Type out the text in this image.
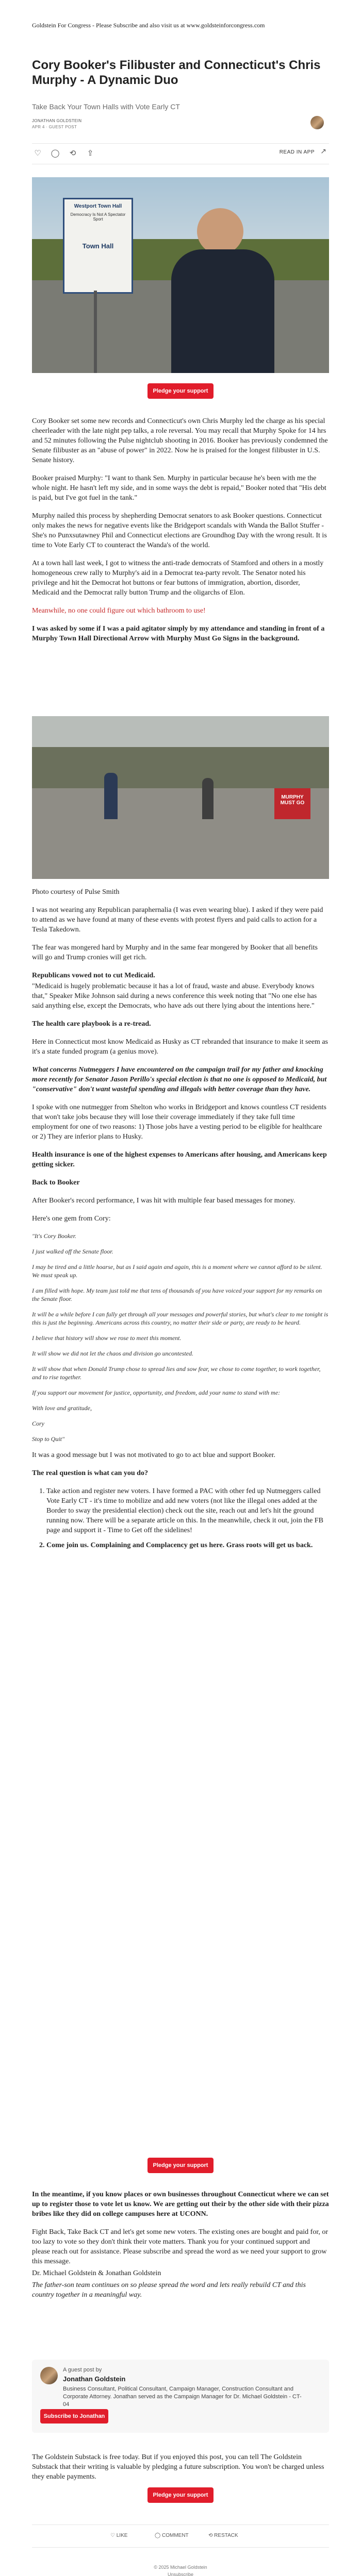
Goldstein For Congress - Please Subscribe and also visit us at www.goldsteinforcongress.com
Cory Booker's Filibuster and Connecticut's Chris Murphy - A Dynamic Duo
Take Back Your Town Halls with Vote Early CT
JONATHAN GOLDSTEIN
APR 4 · GUEST POST
♡ ◯	⟲	⇪	READ IN APP ↗
Westport Town Hall
Democracy Is Not A Spectator Sport
Town Hall
Pledge your support

Cory Booker set some new records and Connecticut's own Chris Murphy led the charge as his special cheerleader with the late night pep talks, a role reversal. You may recall that Murphy Spoke for 14 hrs and 52 minutes following the Pulse nightclub shooting in 2016. Booker has previously condemned the Senate filibuster as an "abuse of power" in 2022. Now he is praised for the longest filibuster in U.S. Senate history.

Booker praised Murphy: "I want to thank Sen. Murphy in particular because he's been with me the whole night. He hasn't left my side, and in some ways the debt is repaid," Booker noted that "His debt is paid, but I've got fuel in the tank."

Murphy nailed this process by shepherding Democrat senators to ask Booker questions. Connecticut only makes the news for negative events like the Bridgeport scandals with Wanda the Ballot Stuffer - She's no Punxsutawney Phil and Connecticut elections are Groundhog Day with the wrong result. It is time to Vote Early CT to counteract the Wanda's of the world.

At a town hall last week, I got to witness the anti-trade democrats of Stamford and others in a mostly homogeneous crew rally to Murphy's aid in a Democrat tea-party revolt. The Senator noted his privilege and hit the Democrat hot buttons or fear buttons of immigration, abortion, disorder, Medicaid and the Democrat rally button Trump and the oligarchs of Elon.

Meanwhile, no one could figure out which bathroom to use!

I was asked by some if I was a paid agitator simply by my attendance and standing in front of a Murphy Town Hall Directional Arrow with Murphy Must Go Signs in the background.

MURPHY
MUST GO

Photo courtesy of Pulse Smith

I was not wearing any Republican paraphernalia (I was even wearing blue). I asked if they were paid to attend as we have found at many of these events with protest flyers and paid calls to action for a Tesla Takedown.

The fear was mongered hard by Murphy and in the same fear mongered by Booker that all benefits will go and Trump cronies will get rich.

Republicans vowed not to cut Medicaid.

"Medicaid is hugely problematic because it has a lot of fraud, waste and abuse. Everybody knows that," Speaker Mike Johnson said during a news conference this week noting that "No one else has said anything else, except the Democrats, who have ads out there lying about the intentions here."

The health care playbook is a re-tread.

Here in Connecticut most know Medicaid as Husky as CT rebranded that insurance to make it seem as it's a state funded program (a genius move).

What concerns Nutmeggers I have encountered on the campaign trail for my father and knocking more recently for Senator Jason Perillo's special election is that no one is opposed to Medicaid, but "conservative" don't want wasteful spending and illegals with better coverage than they have.

I spoke with one nutmegger from Shelton who works in Bridgeport and knows countless CT residents that won't take jobs because they will lose their coverage immediately if they take full time employment for one of two reasons: 1) Those jobs have a vesting period to be eligible for healthcare or 2) They are inferior plans to Husky.

Health insurance is one of the highest expenses to Americans after housing, and Americans keep getting sicker.

Back to Booker

After Booker's record performance, I was hit with multiple fear based messages for money.

Here's one gem from Cory:

"It's Cory Booker.

I just walked off the Senate floor.

I may be tired and a little hoarse, but as I said again and again, this is a moment where we cannot afford to be silent. We must speak up.

I am filled with hope. My team just told me that tens of thousands of you have voiced your support for my remarks on the Senate floor.

It will be a while before I can fully get through all your messages and powerful stories, but what's clear to me tonight is this is just the beginning. Americans across this country, no matter their side or party, are ready to be heard.

I believe that history will show we rose to meet this moment.

It will show we did not let the chaos and division go uncontested.

It will show that when Donald Trump chose to spread lies and sow fear, we chose to come together, to work together, and to rise together.

If you support our movement for justice, opportunity, and freedom, add your name to stand with me:

With love and gratitude,

Cory

Stop to Quit"

It was a good message but I was not motivated to go to act blue and support Booker.

The real question is what can you do?

1. Take action and register new voters. I have formed a PAC with other fed up Nutmeggers called Vote Early CT - it's time to mobilize and add new voters (not like the illegal ones added at the Border to sway the presidential election) check out the site, reach out and let's hit the ground running now. There will be a separate article on this. In the meanwhile, check it out, join the FB page and support it - Time to Get off the sidelines!
2. Come join us. Complaining and Complacency get us here. Grass roots will get us back.
Pledge your support

In the meantime, if you know places or own businesses throughout Connecticut where we can set up to register those to vote let us know. We are getting out their by the other side with their pizza bribes like they did on college campuses here at UCONN.

Fight Back, Take Back CT and let's get some new voters. The existing ones are bought and paid for, or too lazy to vote so they don't think their vote matters. Thank you for your continued support and please reach out for assistance. Please subscribe and spread the word as we need your support to grow this message.

Dr. Michael Goldstein & Jonathan Goldstein

The father-son team continues on so please spread the word and lets really rebuild CT and this country together in a meaningful way.

A guest post by
Jonathan Goldstein
Business Consultant, Political Consultant, Campaign Manager, Construction Consultant and Corporate Attorney. Jonathan served as the Campaign Manager for Dr. Michael Goldstein - CT-04
Subscribe to Jonathan

The Goldstein Substack is free today. But if you enjoyed this post, you can tell The Goldstein Substack that their writing is valuable by pledging a future subscription. You won't be charged unless they enable payments.

Pledge your support
♡ LIKE	◯ COMMENT	⟲ RESTACK
© 2025 Michael Goldstein
Unsubscribe
